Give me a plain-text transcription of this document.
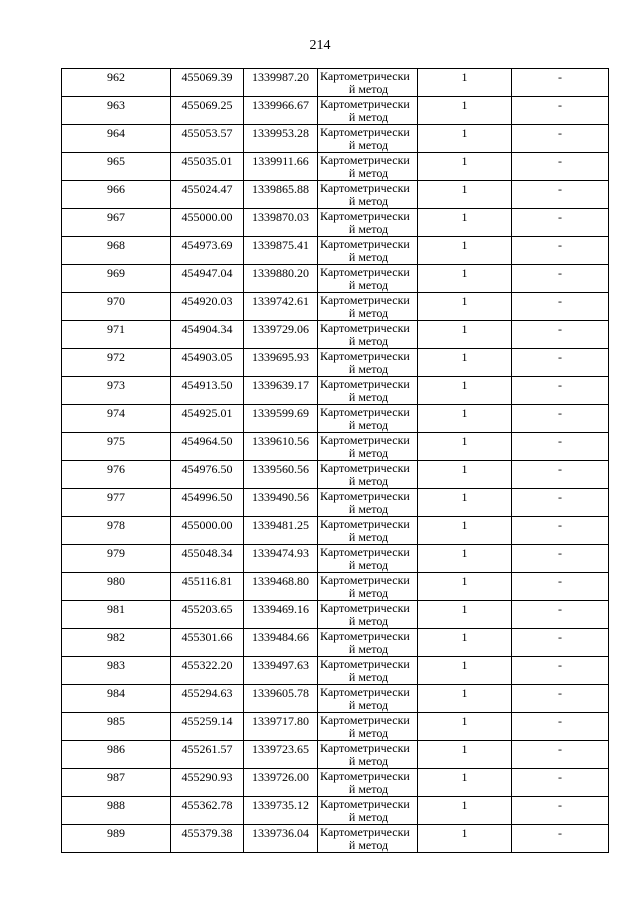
214
962	455069.39	1339987.20	Картометрически
й метод	1	-

963	455069.25	1339966.67	Картометрически
й метод	1	-

964	455053.57	1339953.28	Картометрически
й метод	1	-

965	455035.01	1339911.66	Картометрически
й метод	1	-

966	455024.47	1339865.88	Картометрически
й метод	1	-

967	455000.00	1339870.03	Картометрически
й метод	1	-

968	454973.69	1339875.41	Картометрически
й метод	1	-

969	454947.04	1339880.20	Картометрически
й метод	1	-

970	454920.03	1339742.61	Картометрически
й метод	1	-

971	454904.34	1339729.06	Картометрически
й метод	1	-

972	454903.05	1339695.93	Картометрически
й метод	1	-

973	454913.50	1339639.17	Картометрически
й метод	1	-

974	454925.01	1339599.69	Картометрически
й метод	1	-

975	454964.50	1339610.56	Картометрически
й метод	1	-

976	454976.50	1339560.56	Картометрически
й метод	1	-

977	454996.50	1339490.56	Картометрически
й метод	1	-

978	455000.00	1339481.25	Картометрически
й метод	1	-

979	455048.34	1339474.93	Картометрически
й метод	1	-

980	455116.81	1339468.80	Картометрически
й метод	1	-

981	455203.65	1339469.16	Картометрически
й метод	1	-

982	455301.66	1339484.66	Картометрически
й метод	1	-

983	455322.20	1339497.63	Картометрически
й метод	1	-

984	455294.63	1339605.78	Картометрически
й метод	1	-

985	455259.14	1339717.80	Картометрически
й метод	1	-

986	455261.57	1339723.65	Картометрически
й метод	1	-

987	455290.93	1339726.00	Картометрически
й метод	1	-

988	455362.78	1339735.12	Картометрически
й метод	1	-

989	455379.38	1339736.04	Картометрически
й метод	1	-
